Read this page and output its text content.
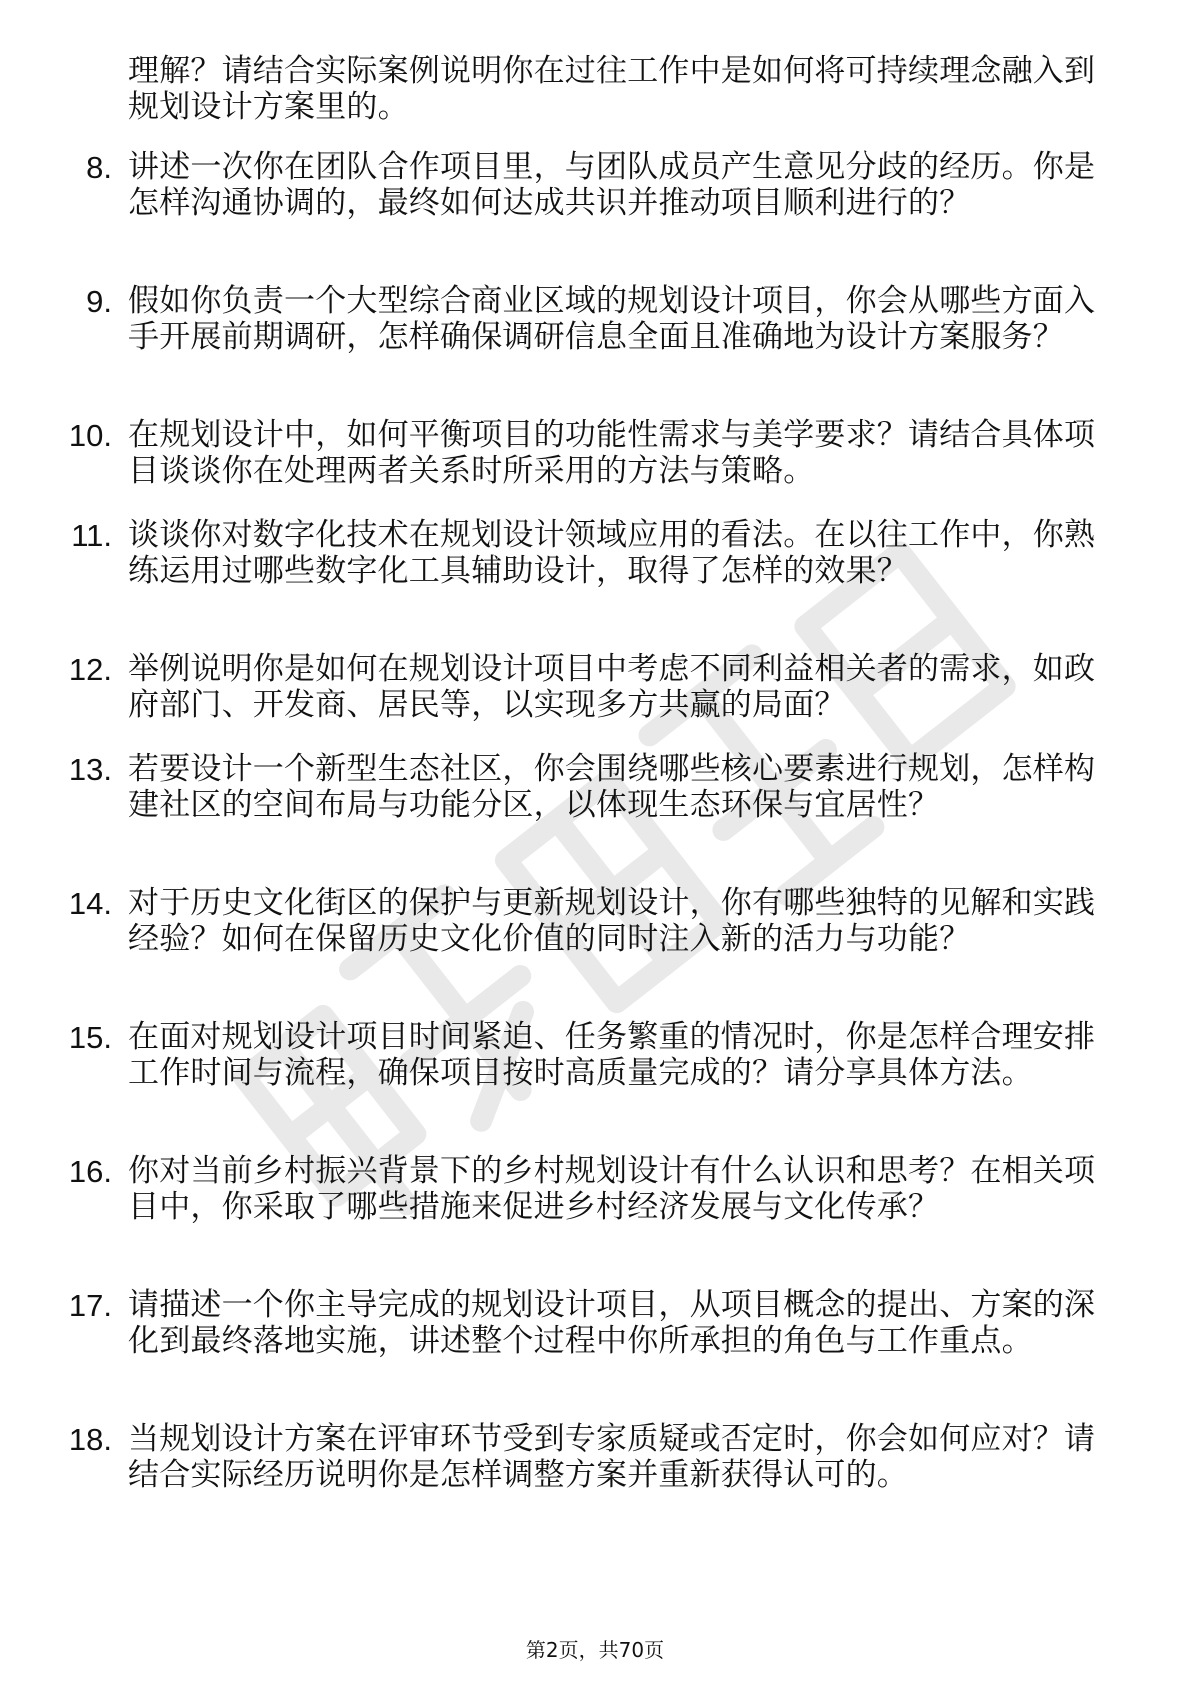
理解？请结合实际案例说明你在过往工作中是如何将可持续理念融入到规划设计方案里的。

8. 讲述一次你在团队合作项目里，与团队成员产生意见分歧的经历。你是怎样沟通协调的，最终如何达成共识并推动项目顺利进行的？
9. 假如你负责一个大型综合商业区域的规划设计项目，你会从哪些方面入手开展前期调研，怎样确保调研信息全面且准确地为设计方案服务？
10. 在规划设计中，如何平衡项目的功能性需求与美学要求？请结合具体项目谈谈你在处理两者关系时所采用的方法与策略。
11. 谈谈你对数字化技术在规划设计领域应用的看法。在以往工作中，你熟练运用过哪些数字化工具辅助设计，取得了怎样的效果？
12. 举例说明你是如何在规划设计项目中考虑不同利益相关者的需求，如政府部门、开发商、居民等，以实现多方共赢的局面？
13. 若要设计一个新型生态社区，你会围绕哪些核心要素进行规划，怎样构建社区的空间布局与功能分区，以体现生态环保与宜居性？
14. 对于历史文化街区的保护与更新规划设计，你有哪些独特的见解和实践经验？如何在保留历史文化价值的同时注入新的活力与功能？
15. 在面对规划设计项目时间紧迫、任务繁重的情况时，你是怎样合理安排工作时间与流程，确保项目按时高质量完成的？请分享具体方法。
16. 你对当前乡村振兴背景下的乡村规划设计有什么认识和思考？在相关项目中，你采取了哪些措施来促进乡村经济发展与文化传承？
17. 请描述一个你主导完成的规划设计项目，从项目概念的提出、方案的深化到最终落地实施，讲述整个过程中你所承担的角色与工作重点。
18. 当规划设计方案在评审环节受到专家质疑或否定时，你会如何应对？请结合实际经历说明你是怎样调整方案并重新获得认可的。
第2页，共70页
